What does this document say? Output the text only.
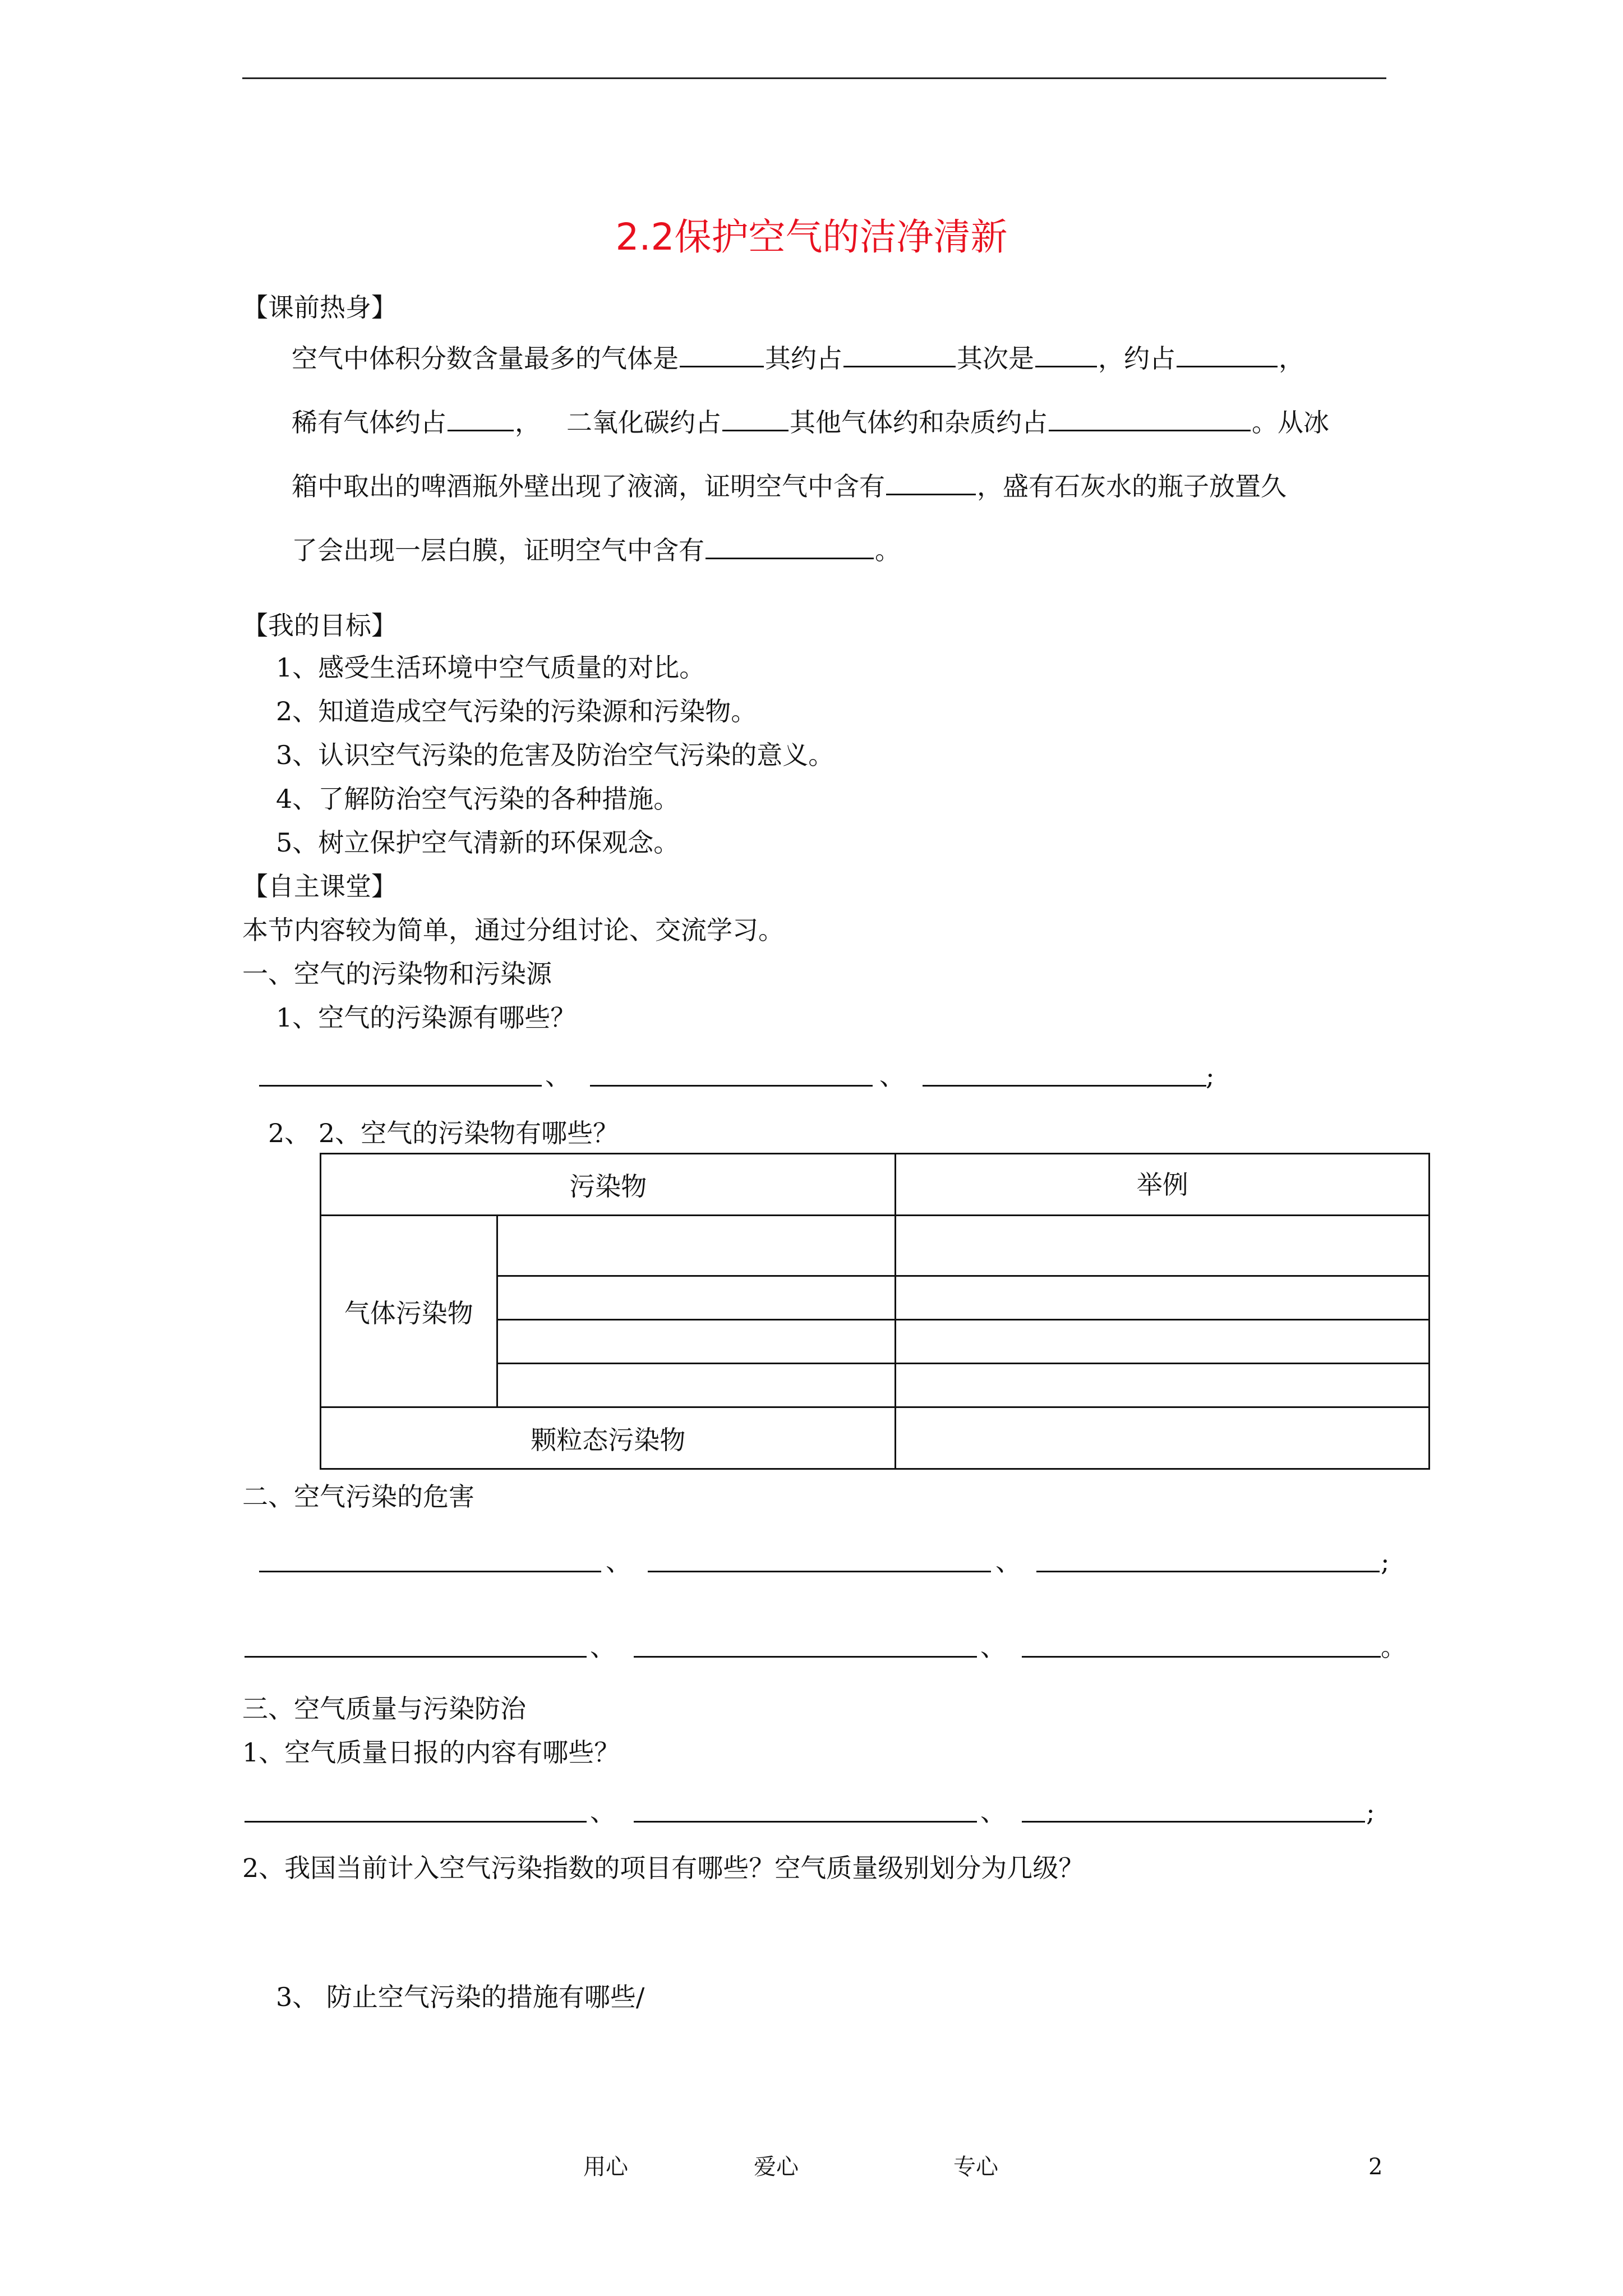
2.2保护空气的洁净清新
【课前热身】
空气中体积分数含量最多的气体是	其约占	其次是 ，约占	，
稀有气体约占	， 二氧化碳约占	其他气体约和杂质约占	。从冰
箱中取出的啤酒瓶外壁出现了液滴，证明空气中含有	，盛有石灰水的瓶子放置久
了会出现一层白膜，证明空气中含有	。
【我的目标】
1、感受生活环境中空气质量的对比。
2、知道造成空气污染的污染源和污染物。
3、认识空气污染的危害及防治空气污染的意义。
4、了解防治空气污染的各种措施。
5、树立保护空气清新的环保观念。
【自主课堂】
本节内容较为简单，通过分组讨论、交流学习。
一、空气的污染物和污染源
1、空气的污染源有哪些？
、	、	;
2、 2、空气的污染物有哪些？
污染物		举例
气体污染物		

颗粒态污染物		
二、空气污染的危害
、	、	;
、	、	。
三、空气质量与污染防治
1、空气质量日报的内容有哪些？
、	、	;
2、我国当前计入空气污染指数的项目有哪些？空气质量级别划分为几级？
3、 防止空气污染的措施有哪些/
用心	爱心	专心	2
